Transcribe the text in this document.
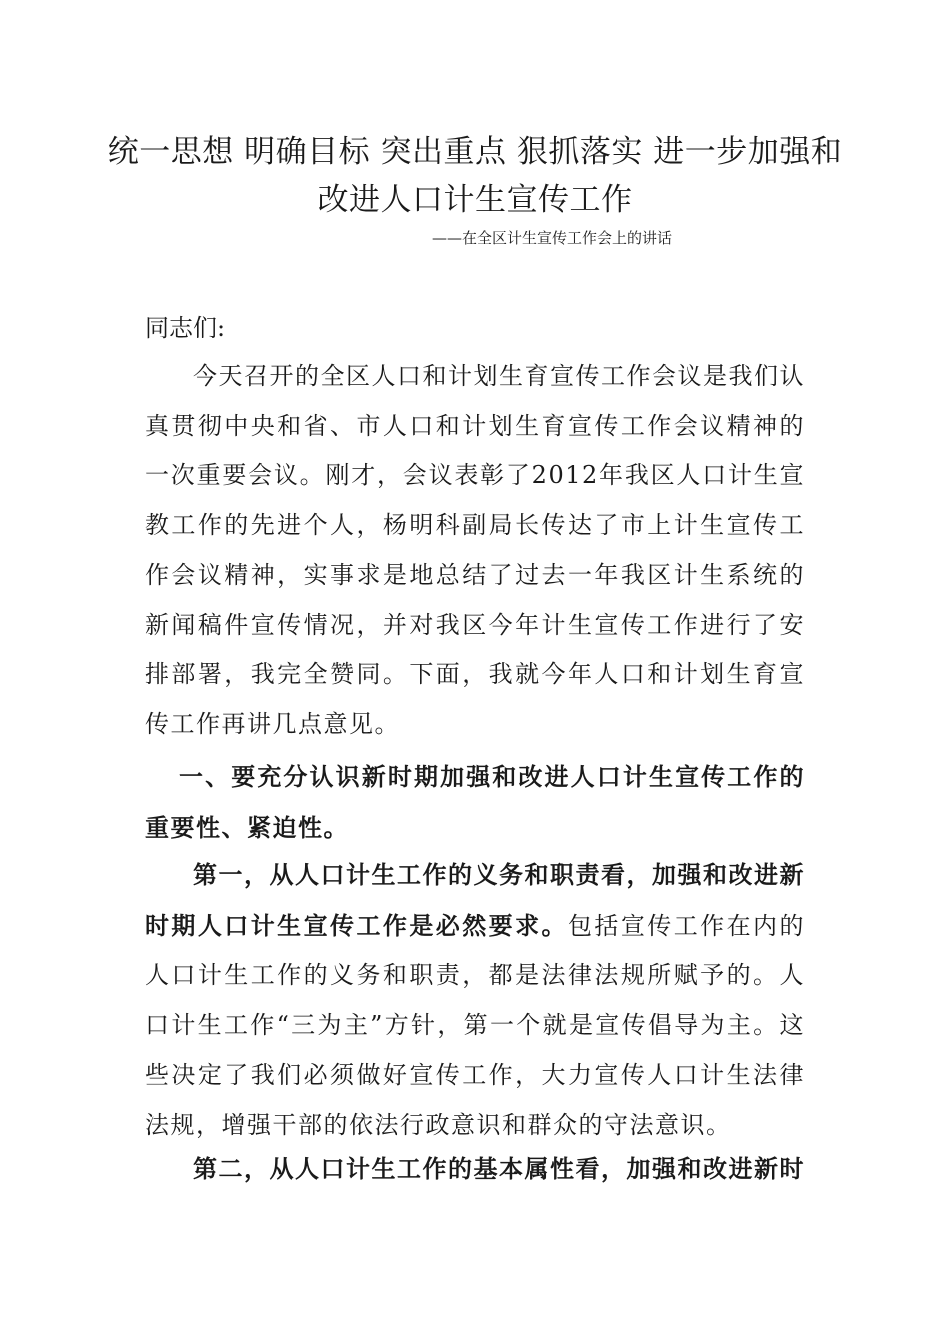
统一思想 明确目标 突出重点 狠抓落实 进一步加强和
改进人口计生宣传工作
——在全区计生宣传工作会上的讲话
同志们:

今天召开的全区人口和计划生育宣传工作会议是我们认真贯彻中央和省、市人口和计划生育宣传工作会议精神的一次重要会议。刚才，会议表彰了2012年我区人口计生宣教工作的先进个人，杨明科副局长传达了市上计生宣传工作会议精神，实事求是地总结了过去一年我区计生系统的新闻稿件宣传情况，并对我区今年计生宣传工作进行了安排部署，我完全赞同。下面，我就今年人口和计划生育宣传工作再讲几点意见。

一、要充分认识新时期加强和改进人口计生宣传工作的重要性、紧迫性。

第一，从人口计生工作的义务和职责看，加强和改进新时期人口计生宣传工作是必然要求。包括宣传工作在内的人口计生工作的义务和职责，都是法律法规所赋予的。人口计生工作“三为主”方针，第一个就是宣传倡导为主。这些决定了我们必须做好宣传工作，大力宣传人口计生法律法规，增强干部的依法行政意识和群众的守法意识。

第二，从人口计生工作的基本属性看，加强和改进新时
